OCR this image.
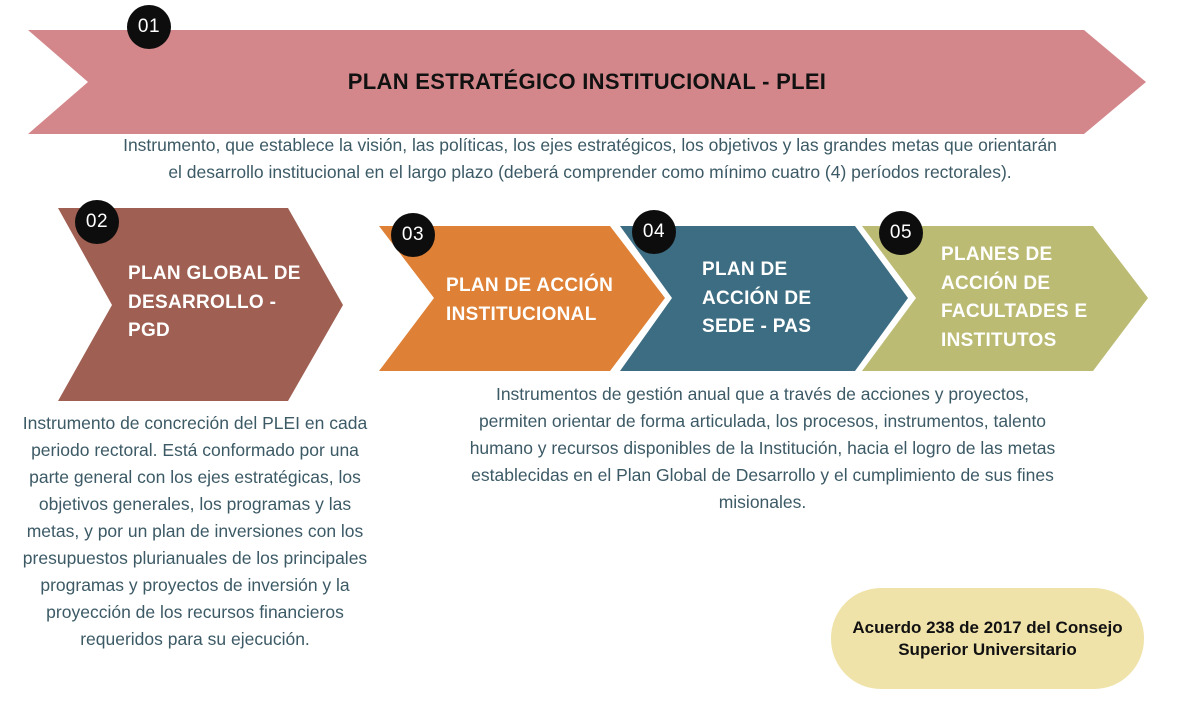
01
PLAN ESTRATÉGICO INSTITUCIONAL - PLEI
02
PLAN GLOBAL DE
DESARROLLO -
PGD
03
PLAN DE ACCIÓN
INSTITUCIONAL
04
PLAN DE
ACCIÓN DE
SEDE - PAS
05
PLANES DE
ACCIÓN DE
FACULTADES E
INSTITUTOS
Instrumento, que establece la visión, las políticas, los ejes estratégicos, los objetivos y las grandes metas que orientarán
el desarrollo institucional en el largo plazo (deberá comprender como mínimo cuatro (4) períodos rectorales).
Instrumento de concreción del PLEI en cada
periodo rectoral. Está conformado por una
parte general con los ejes estratégicas, los
objetivos generales, los programas y las
metas, y por un plan de inversiones con los
presupuestos plurianuales de los principales
programas y proyectos de inversión y la
proyección de los recursos financieros
requeridos para su ejecución.
Instrumentos de gestión anual que a través de acciones y proyectos,
permiten orientar de forma articulada, los procesos, instrumentos, talento
humano y recursos disponibles de la Institución, hacia el logro de las metas
establecidas en el Plan Global de Desarrollo y el cumplimiento de sus fines
misionales.
Acuerdo 238 de 2017 del Consejo
Superior Universitario
